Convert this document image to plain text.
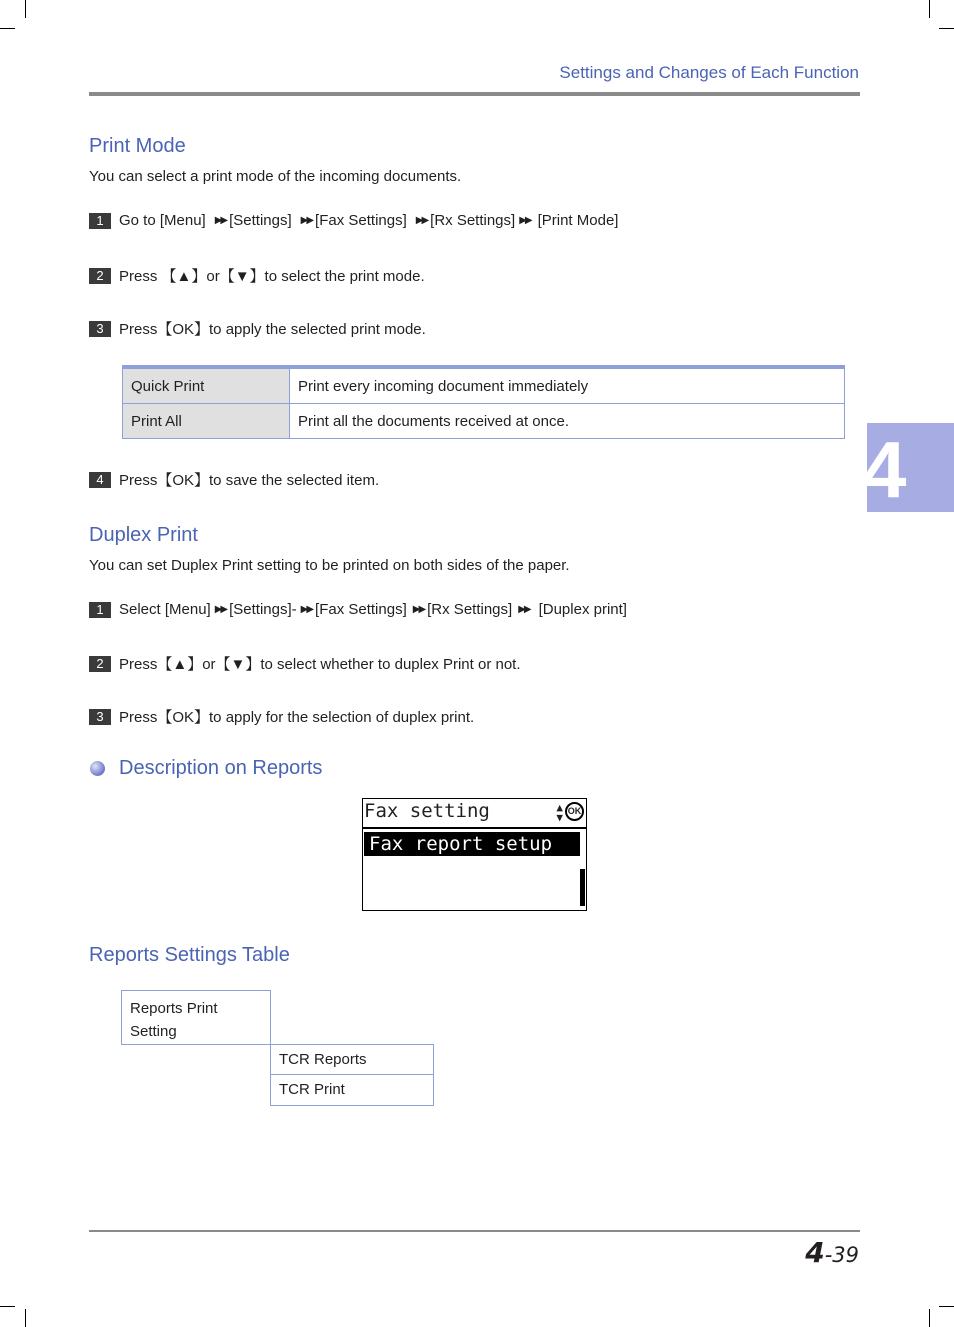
Settings and Changes of Each Function
4
Print Mode
You can select a print mode of the incoming documents.
1	Go to [Menu] ▶▶ [Settings] ▶▶ [Fax Settings] ▶▶ [Rx Settings] ▶▶ [Print Mode]
2	Press 【▲】or【▼】to select the print mode.
3	Press【OK】to apply the selected print mode.
Quick Print	Print every incoming document immediately
Print All	Print all the documents received at once.
4	Press【OK】to save the selected item.
Duplex Print
You can set Duplex Print setting to be printed on both sides of the paper.
1	Select [Menu] ▶▶ [Settings]- ▶▶ [Fax Settings] ▶▶ [Rx Settings] ▶▶ [Duplex print]
2	Press【▲】or【▼】to select whether to duplex Print or not.
3	Press【OK】to apply for the selection of duplex print.
Description on Reports
Fax setting	▲
▼ OK
Fax report setup
Reports Settings Table
Reports Print Setting
TCR Reports
TCR Print
4-39
